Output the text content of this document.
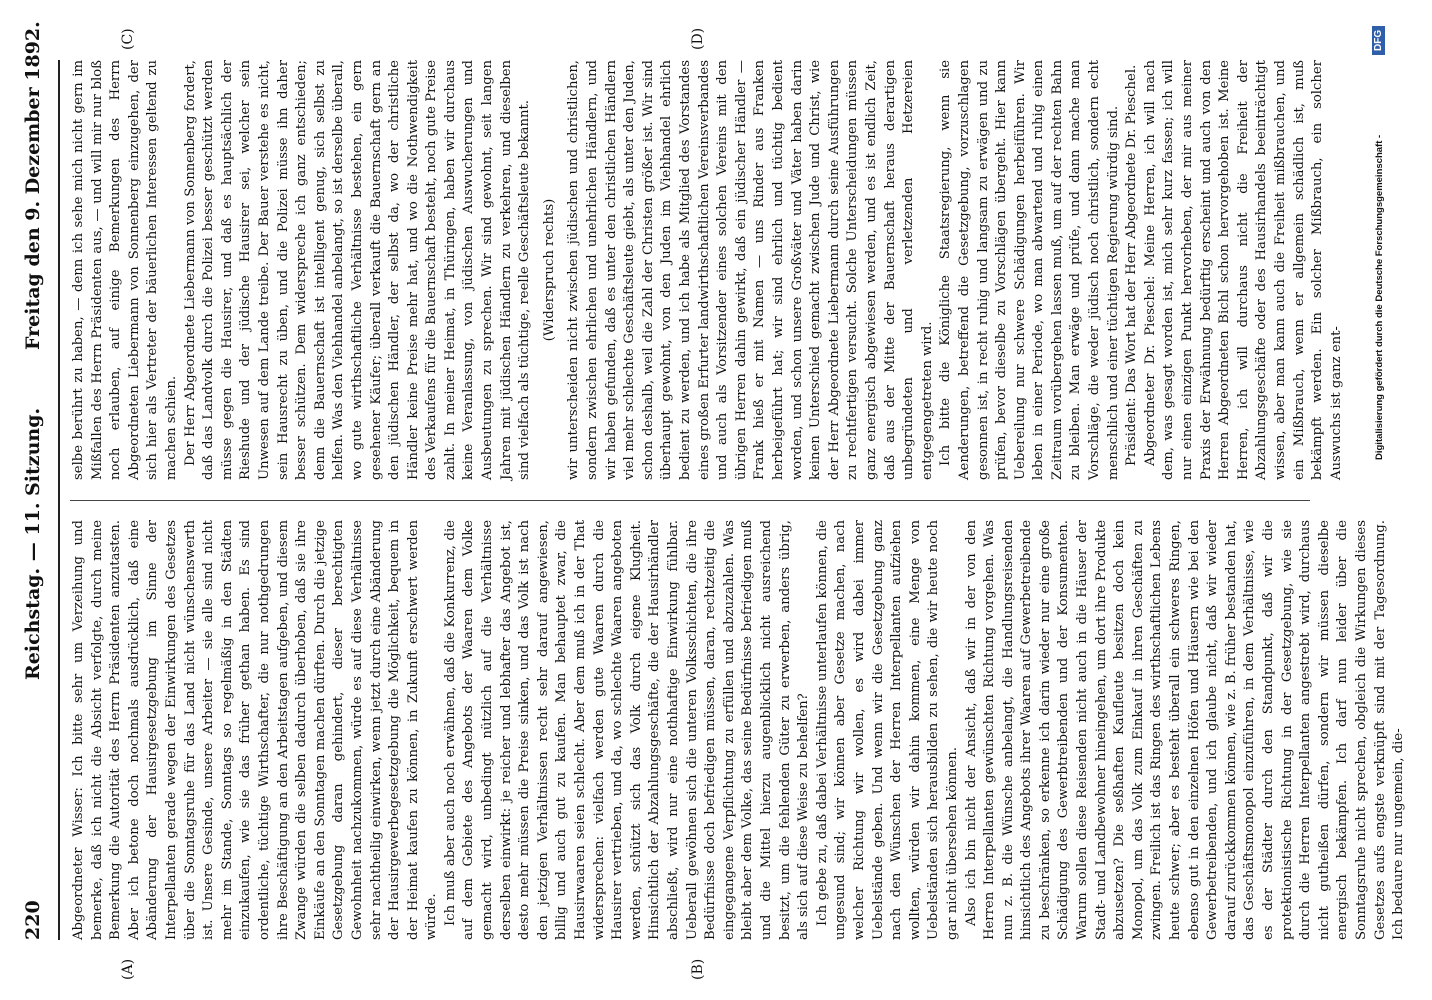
220
Reichstag. — 11. Sitzung.
Freitag den 9. Dezember 1892.
(A)	(B)
(C)	(D)

Abgeordneter Wisser: Ich bitte sehr um Verzeihung und bemerke, daß ich nicht die Absicht verfolgte, durch meine Bemerkung die Autorität des Herrn Präsidenten anzutasten. Aber ich betone doch nochmals ausdrücklich, daß eine Abänderung der Hausirgesetzgebung im Sinne der Interpellanten gerade wegen der Einwirkungen des Gesetzes über die Sonntagsruhe für das Land nicht wünschenswerth ist. Unsere Gesinde, unsere Arbeiter — sie alle sind nicht mehr im Stande, Sonntags so regelmäßig in den Städten einzukaufen, wie sie das früher gethan haben. Es sind ordentliche, tüchtige Wirthschafter, die nur nothgedrungen ihre Beschäftigung an den Arbeitstagen aufgeben, und diesem Zwange würden die selben dadurch überhoben, daß sie ihre Einkäufe an den Sonntagen machen dürften. Durch die jetzige Gesetzgebung daran gehindert, dieser berechtigten Gewohnheit nachzukommen, würde es auf diese Verhältnisse sehr nachtheilig einwirken, wenn jetzt durch eine Abänderung der Hausirgewerbegesetzgebung die Möglichkeit, bequem in der Heimat kaufen zu können, in Zukunft erschwert werden würde. Ich muß aber auch noch erwähnen, daß die Konkurrenz, die auf dem Gebiete des Angebots der Waaren dem Volke gemacht wird, unbedingt nützlich auf die Verhältnisse derselben einwirkt: je reicher und lebhafter das Angebot ist, desto mehr müssen die Preise sinken, und das Volk ist nach den jetzigen Verhältnissen recht sehr darauf angewiesen, billig und auch gut zu kaufen. Man behauptet zwar, die Hausirwaaren seien schlecht. Aber dem muß ich in der That widersprechen: vielfach werden gute Waaren durch die Hausirer vertrieben, und da, wo schlechte Waaren angeboten werden, schützt sich das Volk durch eigene Klugheit. Hinsichtlich der Abzahlungsgeschäfte, die der Hausirhändler abschließt, wird nur eine nothhaftige Einwirkung fühlbar. Ueberall gewöhnen sich die unteren Volksschichten, die ihre Bedürfnisse doch befriedigen müssen, daran, rechtzeitig die eingegangene Verpflichtung zu erfüllen und abzuzahlen. Was bleibt aber dem Volke, das seine Bedürfnisse befriedigen muß und die Mittel hierzu augenblicklich nicht ausreichend besitzt, um die fehlenden Güter zu erwerben, anders übrig, als sich auf diese Weise zu behelfen? Ich gebe zu, daß dabei Verhältnisse unterlaufen können, die ungesund sind; wir können aber Gesetze machen, nach welcher Richtung wir wollen, es wird dabei immer Uebelstände geben. Und wenn wir die Gesetzgebung ganz nach den Wünschen der Herren Interpellanten aufziehen wollten, würden wir dahin kommen, eine Menge von Uebelständen sich herausbilden zu sehen, die wir heute noch gar nicht übersehen können. Also ich bin nicht der Ansicht, daß wir in der von den Herren Interpellanten gewünschten Richtung vorgehen. Was nun z. B. die Wünsche anbelangt, die Handlungsreisenden hinsichtlich des Angebots ihrer Waaren auf Gewerbetreibende zu beschränken, so erkenne ich darin wieder nur eine große Schädigung des Gewerbtreibenden und der Konsumenten. Warum sollen diese Reisenden nicht auch in die Häuser der Stadt- und Landbewohner hineingehen, um dort ihre Produkte abzusetzen? Die seßhaften Kaufleute besitzen doch kein Monopol, um das Volk zum Einkauf in ihren Geschäften zu zwingen. Freilich ist das Ringen des wirthschaftlichen Lebens heute schwer; aber es besteht überall ein schweres Ringen, ebenso gut in den einzelnen Höfen und Häusern wie bei den Gewerbetreibenden, und ich glaube nicht, daß wir wieder darauf zurückkommen können, wie z. B. früher bestanden hat, das Geschäftsmonopol einzuführen, in dem Verhältnisse, wie es der Städter durch den Standpunkt, daß wir die protektionistische Richtung in der Gesetzgebung, wie sie durch die Herren Interpellanten angestrebt wird, durchaus nicht gutheißen dürfen, sondern wir müssen dieselbe energisch bekämpfen. Ich darf nun leider über die Sonntagsruhe nicht sprechen, obgleich die Wirkungen dieses Gesetzes aufs engste verknüpft sind mit der Tagesordnung. Ich bedaure nur ungemein, die-

selbe berührt zu haben, — denn ich sehe mich nicht gern im Mißfallen des Herrn Präsidenten aus, — und will mir nur bloß noch erlauben, auf einige Bemerkungen des Herrn Abgeordneten Liebermann von Sonnenberg einzugehen, der sich hier als Vertreter der bäuerlichen Interessen geltend zu machen schien. Der Herr Abgeordnete Liebermann von Sonnenberg fordert, daß das Landvolk durch die Polizei besser geschützt werden müsse gegen die Hausirer, und daß es hauptsächlich der Rieshude und der jüdische Hausirer sei, welcher sein Unwesen auf dem Lande treibe. Der Bauer verstehe es nicht, sein Hausrecht zu üben, und die Polizei müsse ihn daher besser schützen. Dem widerspreche ich ganz entschieden; denn die Bauernschaft ist intelligent genug, sich selbst zu helfen. Was den Viehhandel anbelangt, so ist derselbe überall, wo gute wirthschaftliche Verhältnisse bestehen, ein gern gesehener Käufer; überall verkauft die Bauernschaft gern an den jüdischen Händler, der selbst da, wo der christliche Händler keine Preise mehr hat, und wo die Nothwendigkeit des Verkaufens für die Bauernschaft besteht, noch gute Preise zahlt. In meiner Heimat, in Thüringen, haben wir durchaus keine Veranlassung, von jüdischen Auswucherungen und Ausbeutungen zu sprechen. Wir sind gewohnt, seit langen Jahren mit jüdischen Händlern zu verkehren, und dieselben sind vielfach als tüchtige, reelle Geschäftsleute bekannt. (Widerspruch rechts) wir unterscheiden nicht zwischen jüdischen und christlichen, sondern zwischen ehrlichen und unehrlichen Händlern, und wir haben gefunden, daß es unter den christlichen Händlern viel mehr schlechte Geschäftsleute giebt, als unter den Juden, schon deshalb, weil die Zahl der Christen größer ist. Wir sind überhaupt gewohnt, von den Juden im Viehhandel ehrlich bedient zu werden, und ich habe als Mitglied des Vorstandes eines großen Erfurter landwirthschaftlichen Vereinsverbandes und auch als Vorsitzender eines solchen Vereins mit den übrigen Herren dahin gewirkt, daß ein jüdischer Händler — Frank hieß er mit Namen — uns Rinder aus Franken herbeigeführt hat; wir sind ehrlich und tüchtig bedient worden, und schon unsere Großväter und Väter haben darin keinen Unterschied gemacht zwischen Jude und Christ, wie der Herr Abgeordnete Liebermann durch seine Ausführungen zu rechtfertigen versucht. Solche Unterscheidungen müssen ganz energisch abgewiesen werden, und es ist endlich Zeit, daß aus der Mitte der Bauernschaft heraus derartigen unbegründeten und verletzenden Hetzereien entgegengetreten wird. Ich bitte die Königliche Staatsregierung, wenn sie Aenderungen, betreffend die Gesetzgebung, vorzuschlagen gesonnen ist, in recht ruhig und langsam zu erwägen und zu prüfen, bevor dieselbe zu Vorschlägen übergeht. Hier kann Uebereilung nur schwere Schädigungen herbeiführen. Wir leben in einer Periode, wo man abwartend und ruhig einen Zeitraum vorübergehen lassen muß, um auf der rechten Bahn zu bleiben. Man erwäge und prüfe, und dann mache man Vorschläge, die weder jüdisch noch christlich, sondern echt menschlich und einer tüchtigen Regierung würdig sind. Präsident: Das Wort hat der Herr Abgeordnete Dr. Pieschel. Abgeordneter Dr. Pieschel: Meine Herren, ich will nach dem, was gesagt worden ist, mich sehr kurz fassen; ich will nur einen einzigen Punkt hervorheben, der mir aus meiner Praxis der Erwähnung bedürftig erscheint und auch von den Herren Abgeordneten Bichl schon hervorgehoben ist. Meine Herren, ich will durchaus nicht die Freiheit der Abzahlungsgeschäfte oder des Hausirhandels beeinträchtigt wissen, aber man kann auch die Freiheit mißbrauchen, und ein Mißbrauch, wenn er allgemein schädlich ist, muß bekämpft werden. Ein solcher Mißbrauch, ein solcher Auswuchs ist ganz ent-	Digitalisierung gefördert durch die Deutsche Forschungsgemeinschaft -
DFG
